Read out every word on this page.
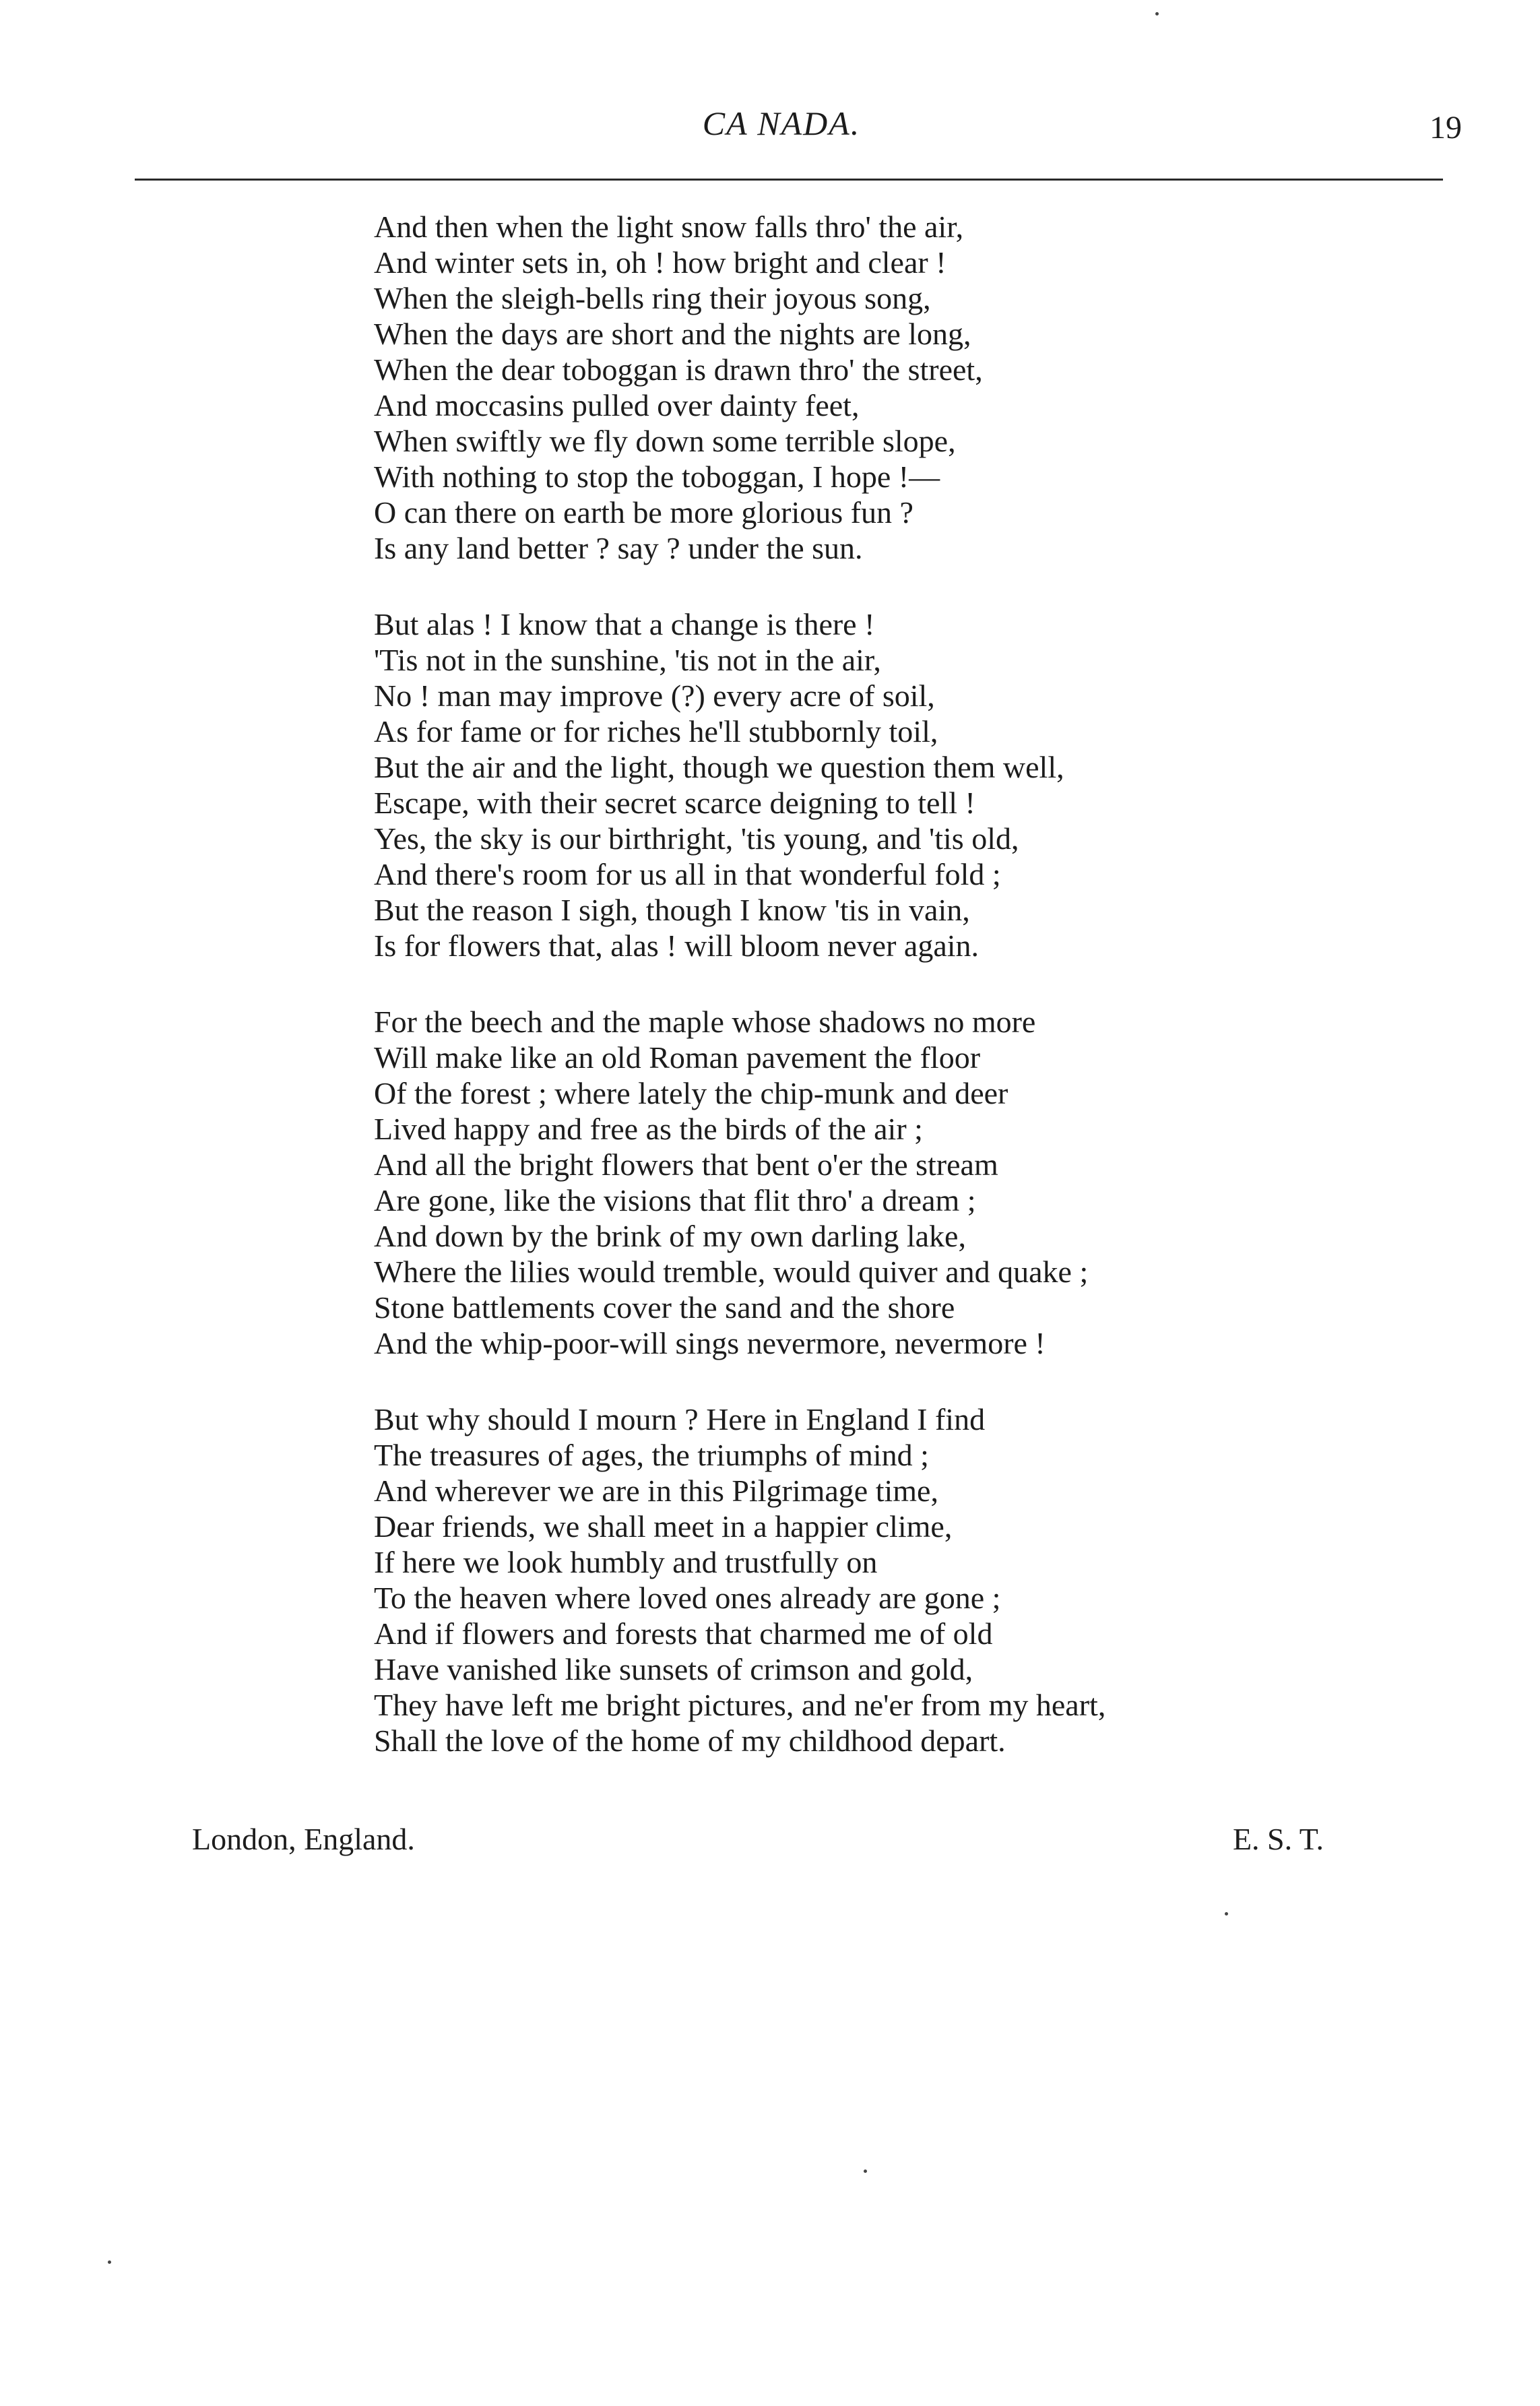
CA NADA.	19
And then when the light snow falls thro' the air,
And winter sets in, oh ! how bright and clear !
When the sleigh-bells ring their joyous song,
When the days are short and the nights are long,
When the dear toboggan is drawn thro' the street,
And moccasins pulled over dainty feet,
When swiftly we fly down some terrible slope,
With nothing to stop the toboggan, I hope !—
O can there on earth be more glorious fun ?
Is any land better ? say ? under the sun.
But alas ! I know that a change is there !
'Tis not in the sunshine, 'tis not in the air,
No ! man may improve (?) every acre of soil,
As for fame or for riches he'll stubbornly toil,
But the air and the light, though we question them well,
Escape, with their secret scarce deigning to tell !
Yes, the sky is our birthright, 'tis young, and 'tis old,
And there's room for us all in that wonderful fold ;
But the reason I sigh, though I know 'tis in vain,
Is for flowers that, alas ! will bloom never again.
For the beech and the maple whose shadows no more
Will make like an old Roman pavement the floor
Of the forest ; where lately the chip-munk and deer
Lived happy and free as the birds of the air ;
And all the bright flowers that bent o'er the stream
Are gone, like the visions that flit thro' a dream ;
And down by the brink of my own darling lake,
Where the lilies would tremble, would quiver and quake ;
Stone battlements cover the sand and the shore
And the whip-poor-will sings nevermore, nevermore !
But why should I mourn ? Here in England I find
The treasures of ages, the triumphs of mind ;
And wherever we are in this Pilgrimage time,
Dear friends, we shall meet in a happier clime,
If here we look humbly and trustfully on
To the heaven where loved ones already are gone ;
And if flowers and forests that charmed me of old
Have vanished like sunsets of crimson and gold,
They have left me bright pictures, and ne'er from my heart,
Shall the love of the home of my childhood depart.
London, England.	E. S. T.
